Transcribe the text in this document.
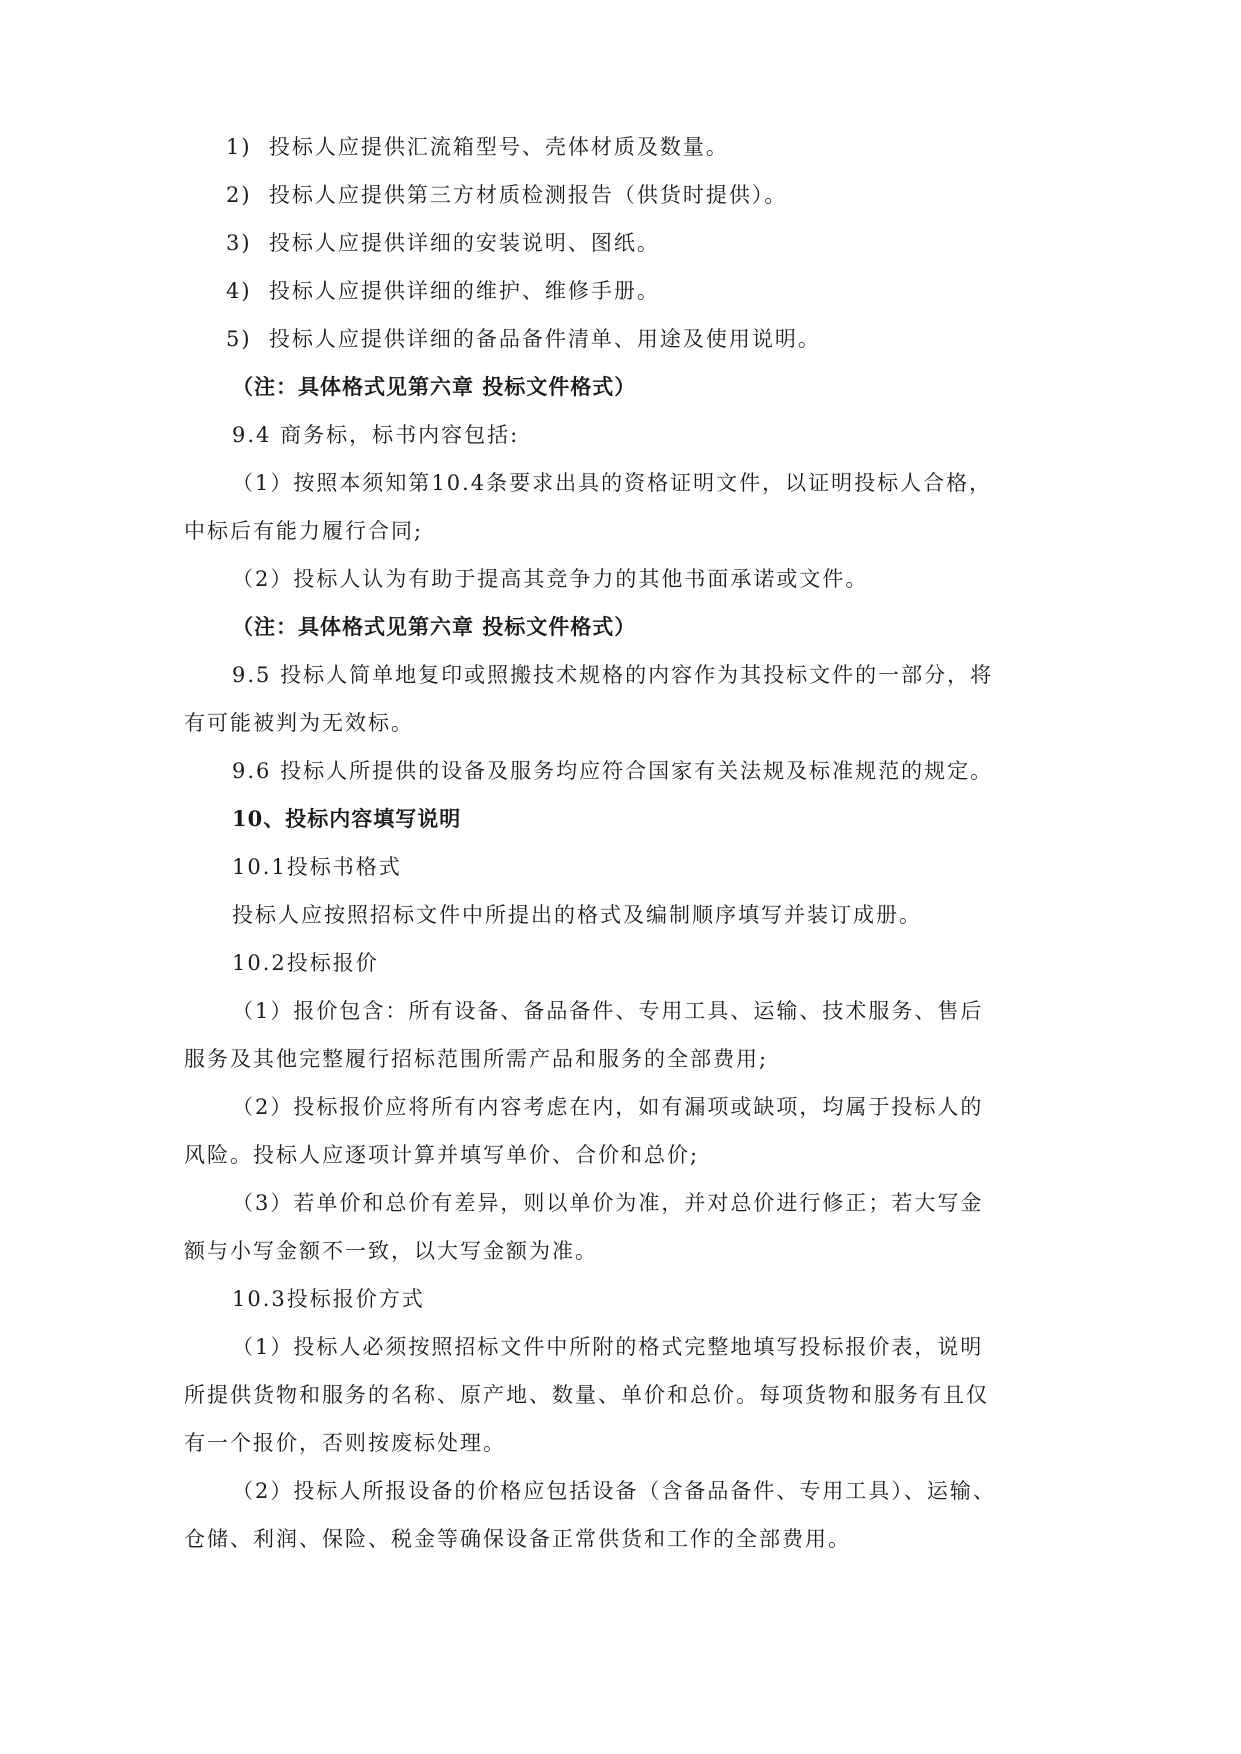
1) 投标人应提供汇流箱型号、壳体材质及数量。
2) 投标人应提供第三方材质检测报告（供货时提供）。
3) 投标人应提供详细的安装说明、图纸。
4) 投标人应提供详细的维护、维修手册。
5) 投标人应提供详细的备品备件清单、用途及使用说明。
（注：具体格式见第六章 投标文件格式）
9.4 商务标，标书内容包括:
（1）按照本须知第10.4条要求出具的资格证明文件，以证明投标人合格，
中标后有能力履行合同;
（2）投标人认为有助于提高其竞争力的其他书面承诺或文件。
（注：具体格式见第六章 投标文件格式）
9.5 投标人简单地复印或照搬技术规格的内容作为其投标文件的一部分，将
有可能被判为无效标。
9.6 投标人所提供的设备及服务均应符合国家有关法规及标准规范的规定。
10、投标内容填写说明
10.1投标书格式
投标人应按照招标文件中所提出的格式及编制顺序填写并装订成册。
10.2投标报价
（1）报价包含：所有设备、备品备件、专用工具、运输、技术服务、售后
服务及其他完整履行招标范围所需产品和服务的全部费用;
（2）投标报价应将所有内容考虑在内，如有漏项或缺项，均属于投标人的
风险。投标人应逐项计算并填写单价、合价和总价;
（3）若单价和总价有差异，则以单价为准，并对总价进行修正；若大写金
额与小写金额不一致，以大写金额为准。
10.3投标报价方式
（1）投标人必须按照招标文件中所附的格式完整地填写投标报价表，说明
所提供货物和服务的名称、原产地、数量、单价和总价。每项货物和服务有且仅
有一个报价，否则按废标处理。
（2）投标人所报设备的价格应包括设备（含备品备件、专用工具）、运输、
仓储、利润、保险、税金等确保设备正常供货和工作的全部费用。
